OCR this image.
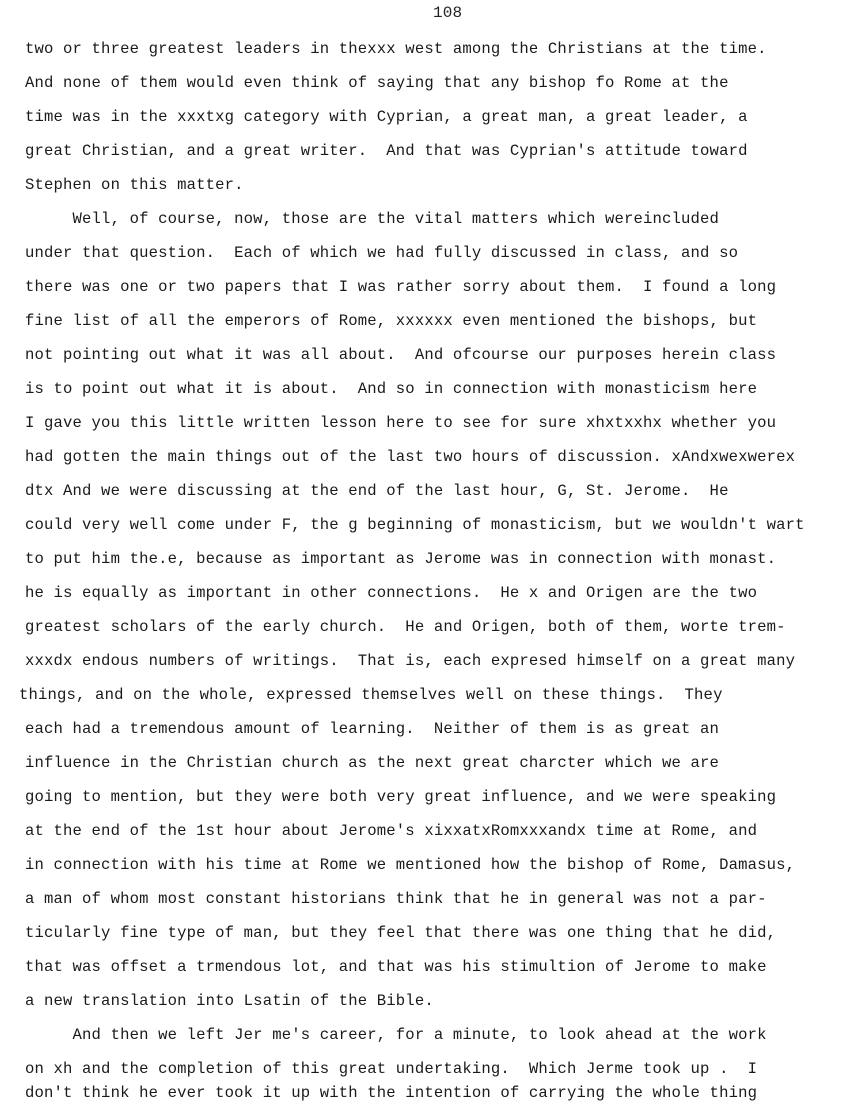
108
two or three greatest leaders in thexxx west among the Christians at the time.
And none of them would even think of saying that any bishop fo Rome at the
time was in the xxxtxg category with Cyprian, a great man, a great leader, a
great Christian, and a great writer.  And that was Cyprian's attitude toward
Stephen on this matter.
Well, of course, now, those are the vital matters which wereincluded
under that question.  Each of which we had fully discussed in class, and so
there was one or two papers that I was rather sorry about them.  I found a long
fine list of all the emperors of Rome, xxxxxx even mentioned the bishops, but
not pointing out what it was all about.  And ofcourse our purposes herein class
is to point out what it is about.  And so in connection with monasticism here
I gave you this little written lesson here to see for sure xhxtxxhx whether you
had gotten the main things out of the last two hours of discussion. xAndxwexwerex
dtx And we were discussing at the end of the last hour, G, St. Jerome.  He
could very well come under F, the g beginning of monasticism, but we wouldn't wart
to put him the.e, because as important as Jerome was in connection with monast.
he is equally as important in other connections.  He x and Origen are the two
greatest scholars of the early church.  He and Origen, both of them, worte trem-
xxxdx endous numbers of writings.  That is, each expresed himself on a great many
things, and on the whole, expressed themselves well on these things.  They
each had a tremendous amount of learning.  Neither of them is as great an
influence in the Christian church as the next great charcter which we are
going to mention, but they were both very great influence, and we were speaking
at the end of the 1st hour about Jerome's xixxatxRomxxxandx time at Rome, and
in connection with his time at Rome we mentioned how the bishop of Rome, Damasus,
a man of whom most constant historians think that he in general was not a par-
ticularly fine type of man, but they feel that there was one thing that he did,
that was offset a trmendous lot, and that was his stimultion of Jerome to make
a new translation into Lsatin of the Bible.
And then we left Jer me's career, for a minute, to look ahead at the work
on xh and the completion of this great undertaking.  Which Jerme took up .  I
don't think he ever took it up with the intention of carrying the whole thing
